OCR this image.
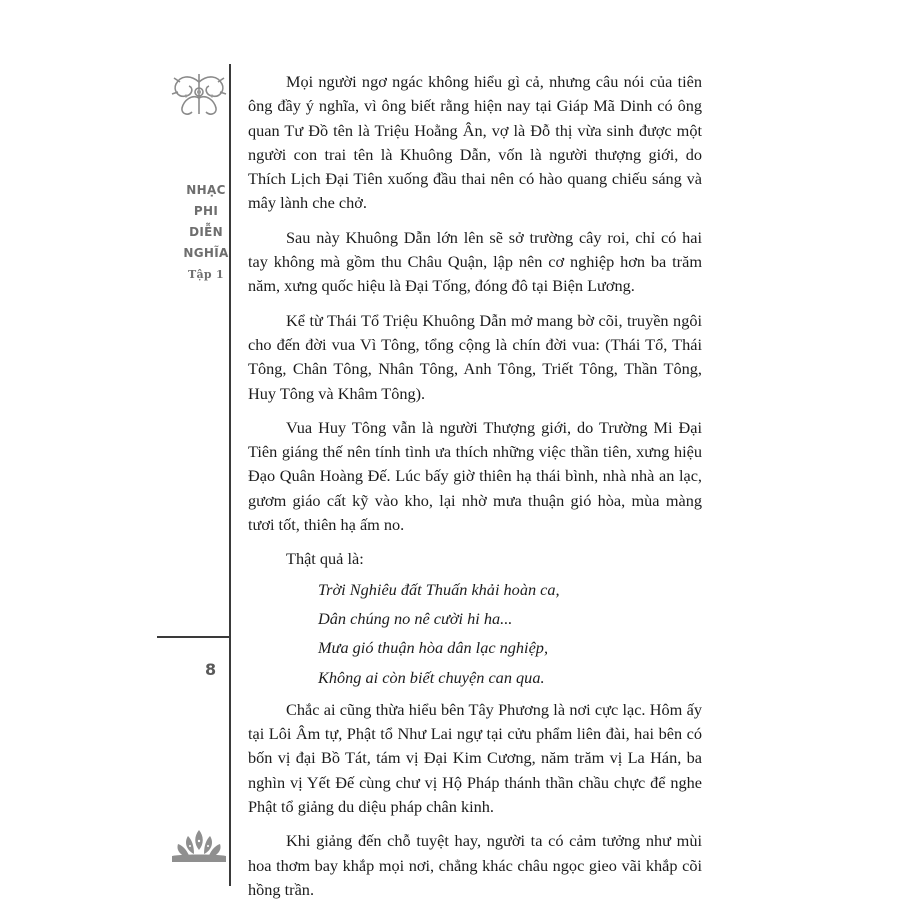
NHẠC
PHI
DIỄN
NGHĨA
Tập 1
8

Mọi người ngơ ngác không hiểu gì cả, nhưng câu nói của tiên ông đầy ý nghĩa, vì ông biết rằng hiện nay tại Giáp Mã Dinh có ông quan Tư Đồ tên là Triệu Hoằng Ân, vợ là Đỗ thị vừa sinh được một người con trai tên là Khuông Dẫn, vốn là người thượng giới, do Thích Lịch Đại Tiên xuống đầu thai nên có hào quang chiếu sáng và mây lành che chở.

Sau này Khuông Dẫn lớn lên sẽ sở trường cây roi, chỉ có hai tay không mà gồm thu Châu Quận, lập nên cơ nghiệp hơn ba trăm năm, xưng quốc hiệu là Đại Tống, đóng đô tại Biện Lương.

Kể từ Thái Tổ Triệu Khuông Dẫn mở mang bờ cõi, truyền ngôi cho đến đời vua Vì Tông, tổng cộng là chín đời vua: (Thái Tổ, Thái Tông, Chân Tông, Nhân Tông, Anh Tông, Triết Tông, Thần Tông, Huy Tông và Khâm Tông).

Vua Huy Tông vẫn là người Thượng giới, do Trường Mi Đại Tiên giáng thế nên tính tình ưa thích những việc thần tiên, xưng hiệu Đạo Quân Hoàng Đế. Lúc bấy giờ thiên hạ thái bình, nhà nhà an lạc, gươm giáo cất kỹ vào kho, lại nhờ mưa thuận gió hòa, mùa màng tươi tốt, thiên hạ ấm no.

Thật quả là:

Trời Nghiêu đất Thuấn khải hoàn ca,
Dân chúng no nê cười hi ha...
Mưa gió thuận hòa dân lạc nghiệp,
Không ai còn biết chuyện can qua.

Chắc ai cũng thừa hiểu bên Tây Phương là nơi cực lạc. Hôm ấy tại Lôi Âm tự, Phật tổ Như Lai ngự tại cửu phẩm liên đài, hai bên có bốn vị đại Bồ Tát, tám vị Đại Kim Cương, năm trăm vị La Hán, ba nghìn vị Yết Đế cùng chư vị Hộ Pháp thánh thần chầu chực để nghe Phật tổ giảng du diệu pháp chân kinh.

Khi giảng đến chỗ tuyệt hay, người ta có cảm tưởng như mùi hoa thơm bay khắp mọi nơi, chẳng khác châu ngọc gieo vãi khắp cõi hồng trần.
